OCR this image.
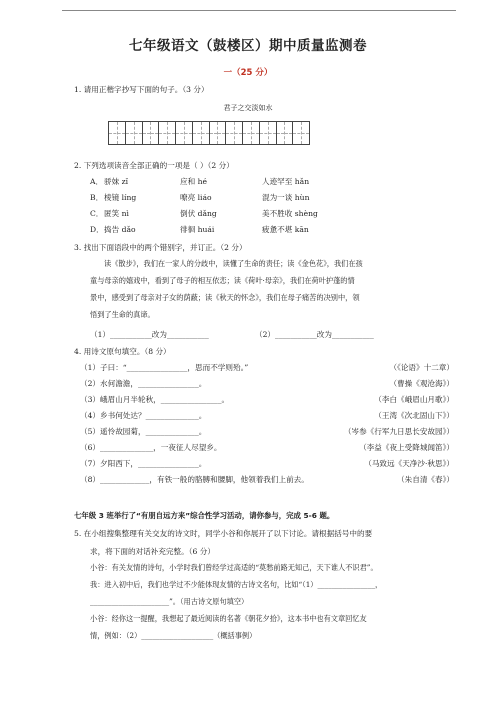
七年级语文（鼓楼区）期中质量监测卷
一（25 分）
1. 请用正楷字抄写下面的句子。（3 分）
君子之交淡如水
2. 下列选项读音全部正确的一项是（ ）（2 分）
A． 骄妹 zǐ	应和 hé	人迹罕至 hǎn
B． 棱镜 líng	嘹亮 liáo	混为一谈 hùn
C． 匿笑 nì	倒伏 dǎng	美不胜收 shèng
D． 捣告 dǎo	徘徊 huái	疲惫不堪 kān
3. 找出下面语段中的两个错别字，并订正。（2 分）
读《散步》，我们在一家人的分歧中，读懂了生命的责任；读《金色花》，我们在孩
童与母亲的嬉戏中，看到了母子的相互依恋；读《荷叶·母亲》，我们在荷叶护蓬的情
景中，感受到了母亲对子女的荫蔽；读《秋天的怀念》，我们在母子痛苦的决别中，领
悟到了生命的真谛。
（1）___________改为___________	（2）___________改为___________
4. 用诗文原句填空。（8 分）
（1）子曰：“________________，思而不学则殆。”	（《论语》十二章）
（2）水何澹澹，________________。	（曹操《观沧海》）
（3）峨眉山月半轮秋，________________。	（李白《峨眉山月歌》）
（4）乡书何处达？______________。	（王湾《次北固山下》）
（5）遥怜故园菊，______________。	（岑参《行军九日思长安故园》）
（6）______________，一夜征人尽望乡。	（李益《夜上受降城闻笛》）
（7）夕阳西下，________________。	（马致远《天净沙·秋思》）
（8）_____________，有铁一般的胳膊和腰脚，他领着我们上前去。	（朱自清《春》）
七年级 3 班举行了“有朋自远方来”综合性学习活动，请你参与，完成 5-6 题。
5. 在小组搜集整理有关交友的诗文时，同学小谷和你展开了以下讨论。请根据括号中的要
求，将下面的对话补充完整。（6 分）
小谷：有关友情的诗句，小学时我们曾经学过高适的“莫愁前路无知己，天下谁人不识君”。
我：进入初中后，我们也学过不少能体现友情的古诗文名句，比如“（1）________________，
______________________”。（用古诗文原句填空）
小谷：经你这一提醒，我想起了最近阅读的名著《朝花夕拾》，这本书中也有文章回忆友
情，例如：（2）____________________（概括事例）
